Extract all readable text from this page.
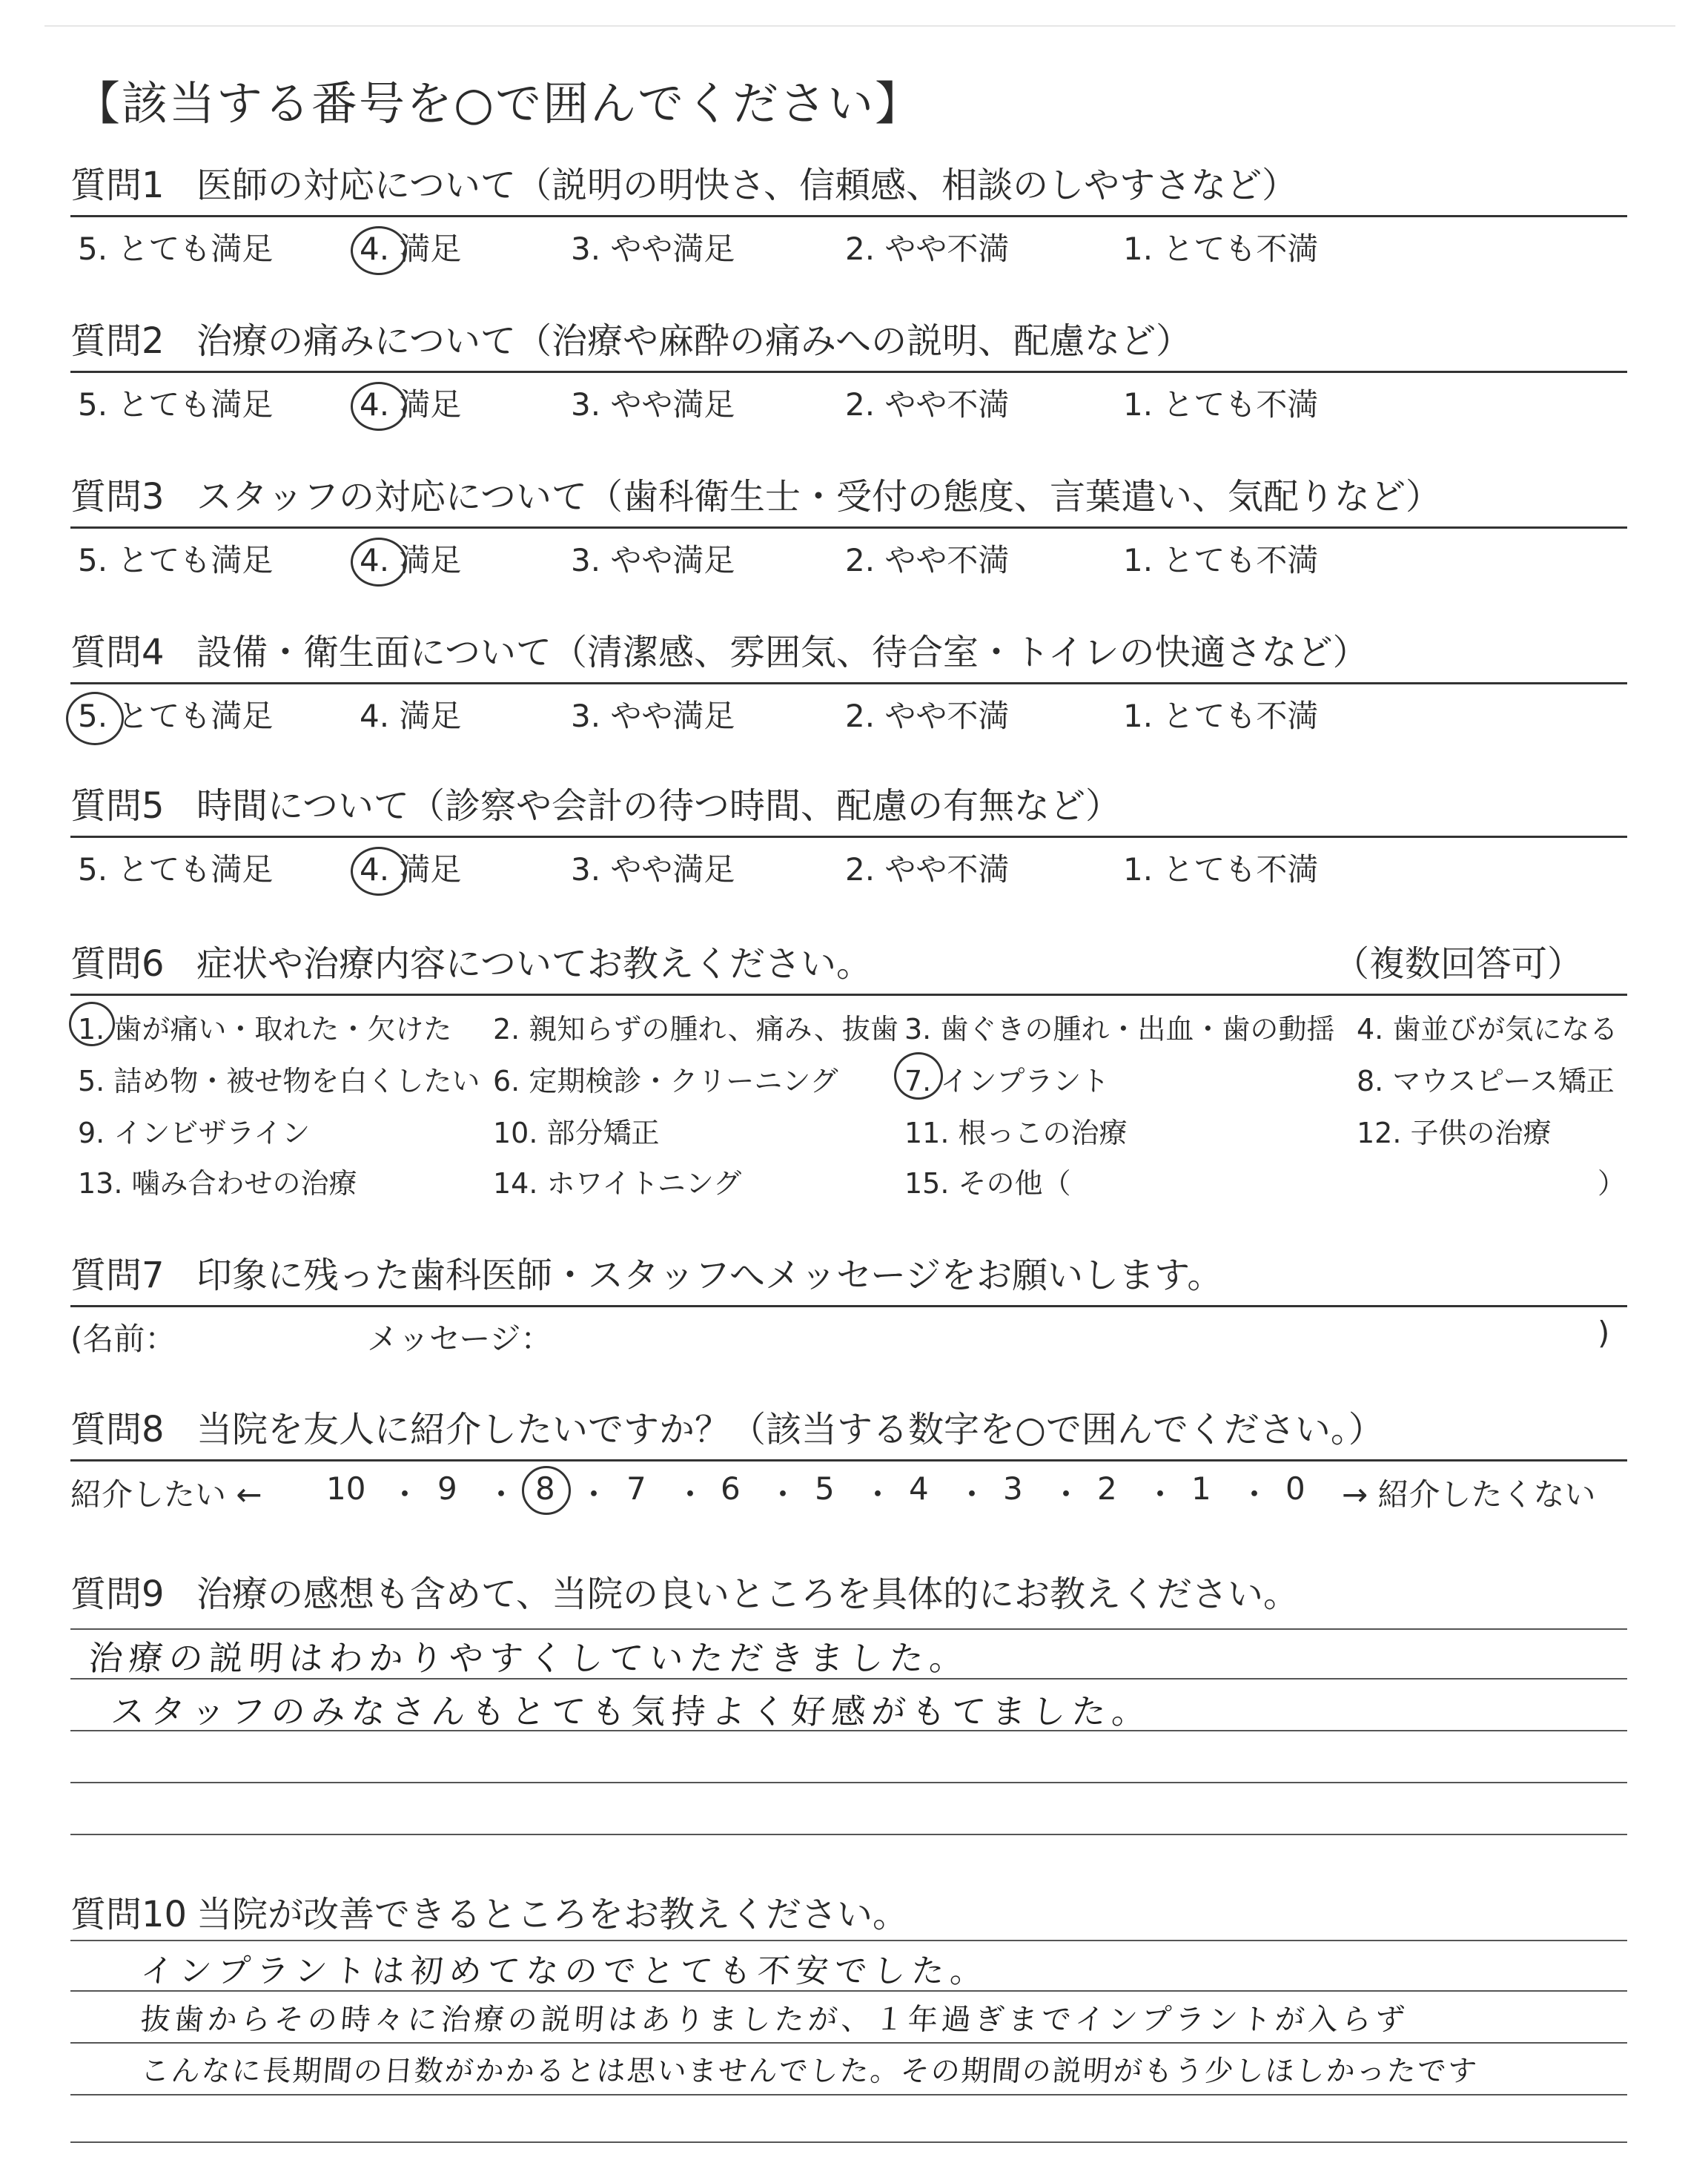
【該当する番号を○で囲んでください】
質問1 医師の対応について（説明の明快さ、信頼感、相談のしやすさなど）
5. とても満足	4. 満足	3. やや満足	2. やや不満	1. とても不満
質問2 治療の痛みについて（治療や麻酔の痛みへの説明、配慮など）
5. とても満足	4. 満足	3. やや満足	2. やや不満	1. とても不満
質問3 スタッフの対応について（歯科衛生士・受付の態度、言葉遣い、気配りなど）
5. とても満足	4. 満足	3. やや満足	2. やや不満	1. とても不満
質問4 設備・衛生面について（清潔感、雰囲気、待合室・トイレの快適さなど）
5. とても満足	4. 満足	3. やや満足	2. やや不満	1. とても不満
質問5 時間について（診察や会計の待つ時間、配慮の有無など）
5. とても満足	4. 満足	3. やや満足	2. やや不満	1. とても不満
質問6 症状や治療内容についてお教えください。	（複数回答可）
1. 歯が痛い・取れた・欠けた 2. 親知らずの腫れ、痛み、抜歯 3. 歯ぐきの腫れ・出血・歯の動揺 4. 歯並びが気になる
5. 詰め物・被せ物を白くしたい 6. 定期検診・クリーニング 7. インプラント	8. マウスピース矯正
9. インビザライン	10. 部分矯正	11. 根っこの治療	12. 子供の治療
13. 噛み合わせの治療	14. ホワイトニング	15. その他（	）
質問7 印象に残った歯科医師・スタッフへメッセージをお願いします。
(名前：	メッセージ：	)
質問8 当院を友人に紹介したいですか？（該当する数字を○で囲んでください。）
紹介したい ← 10 ・ 9 ・ 8 ・ 7 ・ 6 ・ 5 ・ 4 ・ 3 ・ 2 ・ 1 ・ 0 → 紹介したくない
質問9 治療の感想も含めて、当院の良いところを具体的にお教えください。
治療の説明はわかりやすくしていただきました。
スタッフのみなさんもとても気持よく好感がもてました。
質問10 当院が改善できるところをお教えください。
インプラントは初めてなのでとても不安でした。
抜歯からその時々に治療の説明はありましたが、１年過ぎまでインプラントが入らず
こんなに長期間の日数がかかるとは思いませんでした。その期間の説明がもう少しほしかったです
